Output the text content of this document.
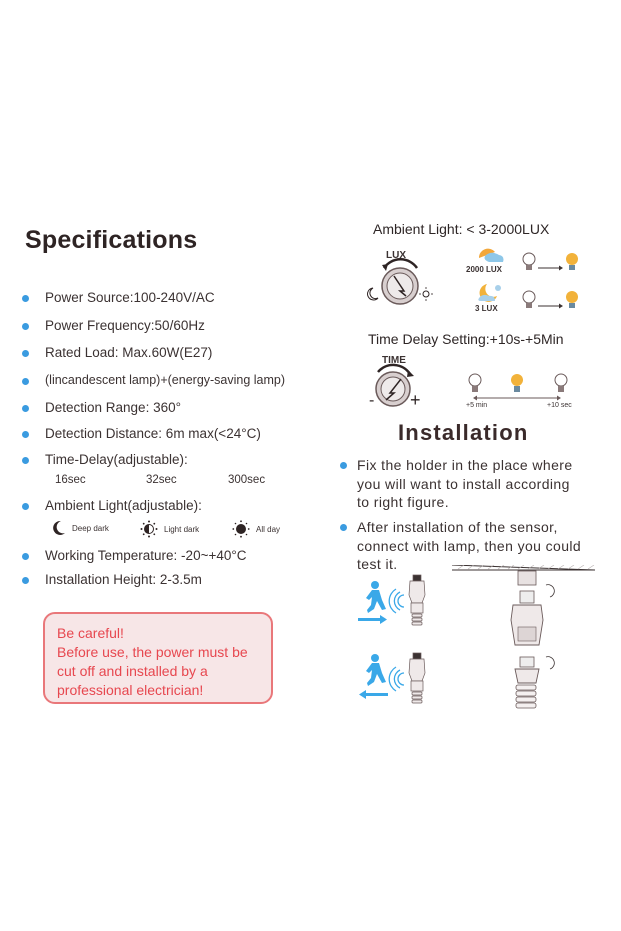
Specifications
Power Source:100-240V/AC
Power Frequency:50/60Hz
Rated Load: Max.60W(E27)
(lincandescent lamp)+(energy-saving lamp)
Detection Range: 360°
Detection Distance: 6m max(<24°C)
Time-Delay(adjustable):
16sec	32sec	300sec
Ambient Light(adjustable):
Deep dark	Light dark	All day
Working Temperature: -20~+40°C
Installation Height: 2-3.5m
Be careful!
Before use, the power must be
cut off and installed by a
professional electrician!
Ambient Light: < 3-2000LUX
LUX
2000 LUX
3 LUX
Time Delay Setting:+10s-+5Min
TIME
- +	+5 min	+10 sec
Installation
Fix the holder in the place where
you will want to install according
to right figure.
After installation of the sensor,
connect with lamp, then you could
test it.
